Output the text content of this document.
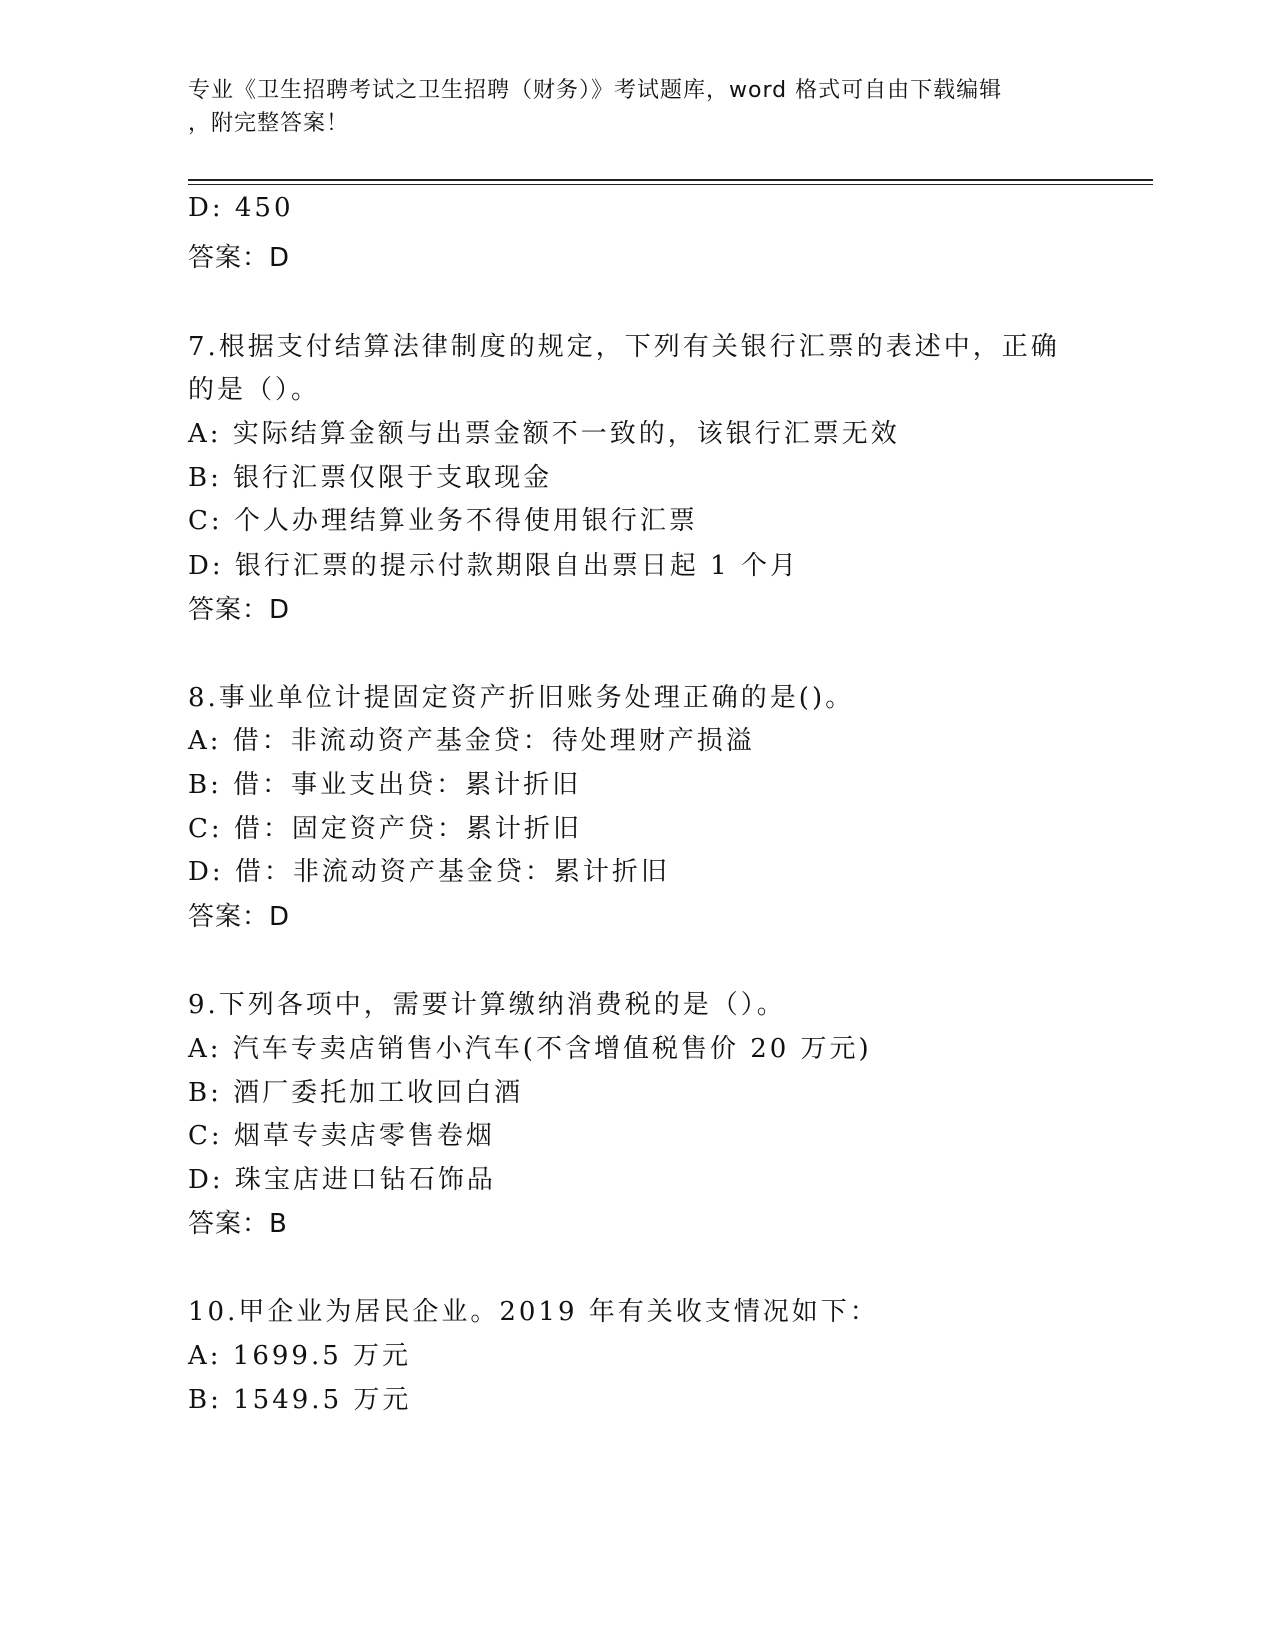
专业《卫生招聘考试之卫生招聘（财务）》考试题库，word 格式可自由下载编辑
，附完整答案！
D: 450
答案：D
7.根据支付结算法律制度的规定，下列有关银行汇票的表述中，正确
的是（）。
A: 实际结算金额与出票金额不一致的，该银行汇票无效
B: 银行汇票仅限于支取现金
C: 个人办理结算业务不得使用银行汇票
D: 银行汇票的提示付款期限自出票日起 1 个月
答案：D
8.事业单位计提固定资产折旧账务处理正确的是()。
A: 借：非流动资产基金贷：待处理财产损溢
B: 借：事业支出贷：累计折旧
C: 借：固定资产贷：累计折旧
D: 借：非流动资产基金贷：累计折旧
答案：D
9.下列各项中，需要计算缴纳消费税的是（）。
A: 汽车专卖店销售小汽车(不含增值税售价 20 万元)
B: 酒厂委托加工收回白酒
C: 烟草专卖店零售卷烟
D: 珠宝店进口钻石饰品
答案：B
10.甲企业为居民企业。2019 年有关收支情况如下：
A: 1699.5 万元
B: 1549.5 万元
